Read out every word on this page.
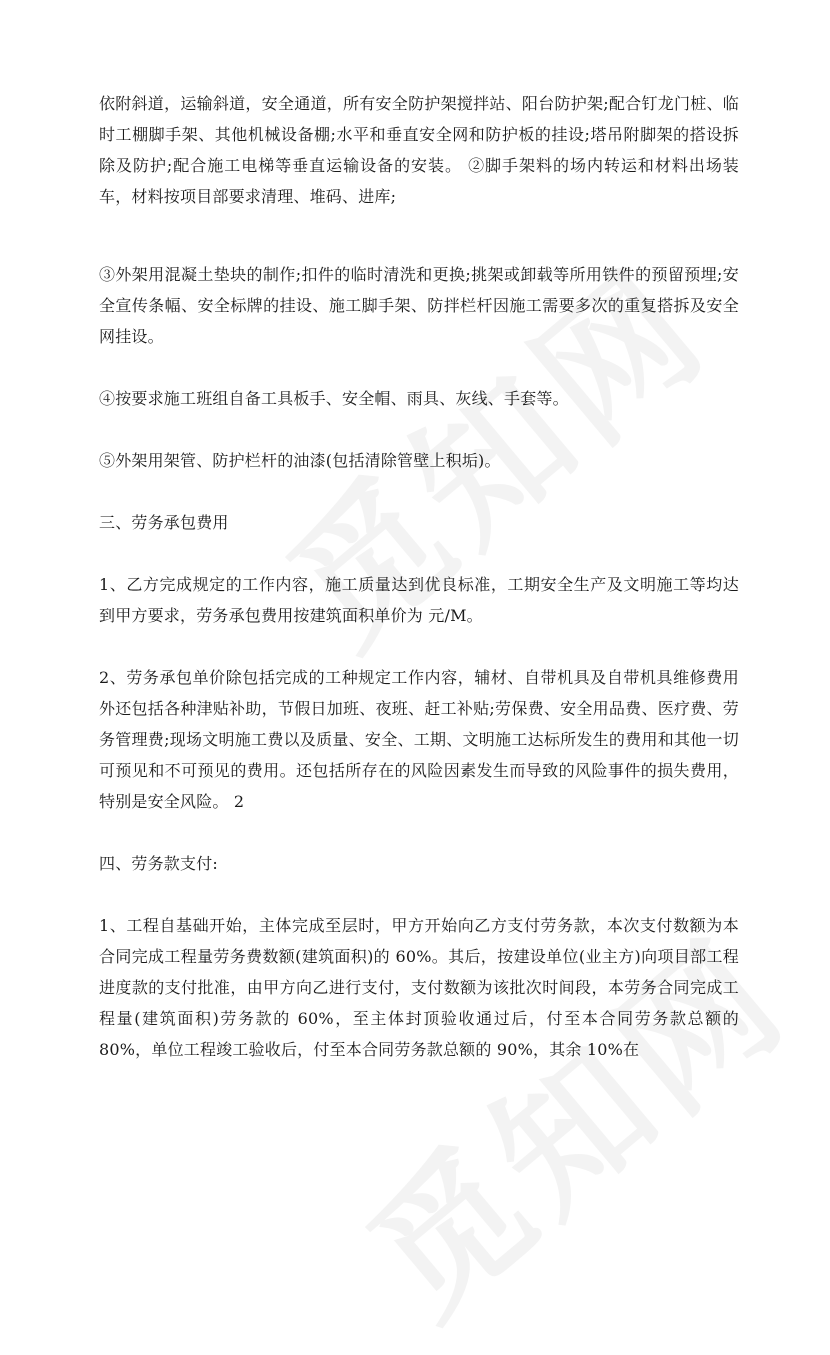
依附斜道，运输斜道，安全通道，所有安全防护架搅拌站、阳台防护架;配合钉龙门桩、临时工棚脚手架、其他机械设备棚;水平和垂直安全网和防护板的挂设;塔吊附脚架的搭设拆除及防护;配合施工电梯等垂直运输设备的安装。 ②脚手架料的场内转运和材料出场装车，材料按项目部要求清理、堆码、进库;

③外架用混凝土垫块的制作;扣件的临时清洗和更换;挑架或卸载等所用铁件的预留预埋;安全宣传条幅、安全标牌的挂设、施工脚手架、防拌栏杆因施工需要多次的重复搭拆及安全网挂设。

④按要求施工班组自备工具板手、安全帽、雨具、灰线、手套等。

⑤外架用架管、防护栏杆的油漆(包括清除管壁上积垢)。

三、劳务承包费用

1、乙方完成规定的工作内容，施工质量达到优良标准，工期安全生产及文明施工等均达到甲方要求，劳务承包费用按建筑面积单价为 元/M。

2、劳务承包单价除包括完成的工种规定工作内容，辅材、自带机具及自带机具维修费用外还包括各种津贴补助，节假日加班、夜班、赶工补贴;劳保费、安全用品费、医疗费、劳务管理费;现场文明施工费以及质量、安全、工期、文明施工达标所发生的费用和其他一切可预见和不可预见的费用。还包括所存在的风险因素发生而导致的风险事件的损失费用，特别是安全风险。 2

四、劳务款支付:

1、工程自基础开始，主体完成至层时，甲方开始向乙方支付劳务款，本次支付数额为本合同完成工程量劳务费数额(建筑面积)的 60%。其后，按建设单位(业主方)向项目部工程进度款的支付批准，由甲方向乙进行支付，支付数额为该批次时间段，本劳务合同完成工程量(建筑面积)劳务款的 60%，至主体封顶验收通过后，付至本合同劳务款总额的 80%，单位工程竣工验收后，付至本合同劳务款总额的 90%，其余 10%在
